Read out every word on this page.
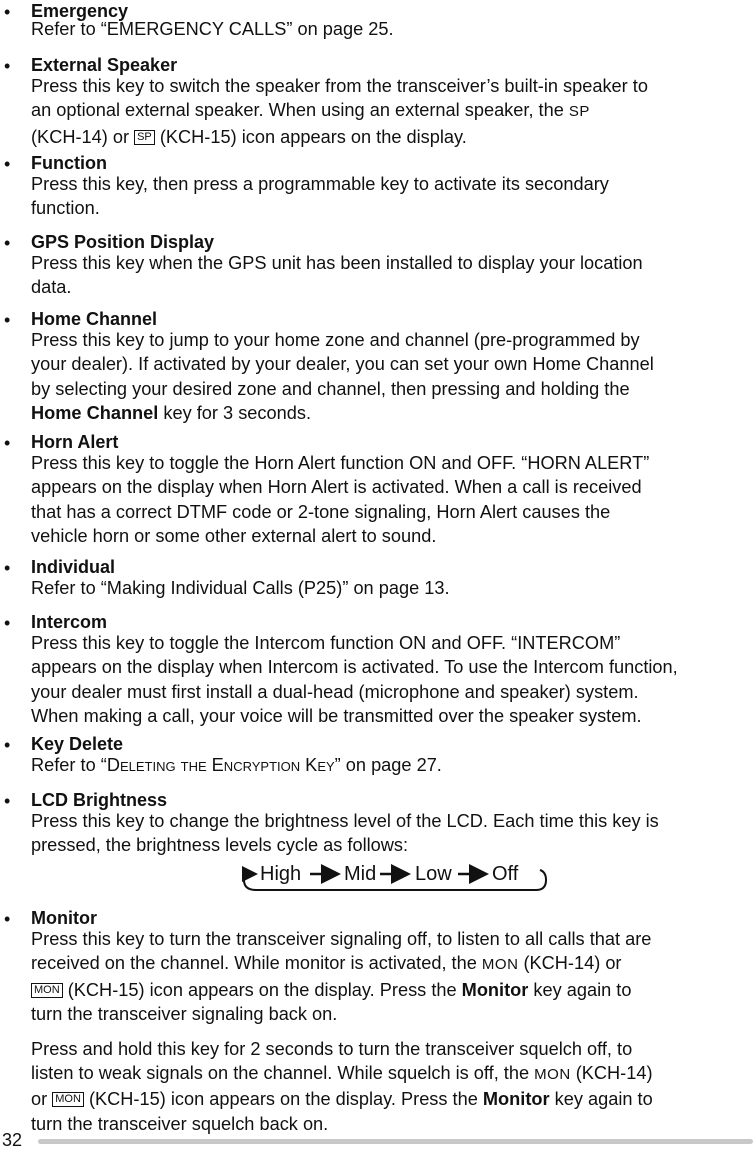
• Emergency

Refer to “EMERGENCY CALLS” on page 25.

• External Speaker

Press this key to switch the speaker from the transceiver’s built-in speaker to

an optional external speaker. When using an external speaker, the SP

(KCH-14) or SP (KCH-15) icon appears on the display.

• Function

Press this key, then press a programmable key to activate its secondary

function.

• GPS Position Display

Press this key when the GPS unit has been installed to display your location

data.

• Home Channel

Press this key to jump to your home zone and channel (pre-programmed by

your dealer). If activated by your dealer, you can set your own Home Channel

by selecting your desired zone and channel, then pressing and holding the

Home Channel key for 3 seconds.

• Horn Alert

Press this key to toggle the Horn Alert function ON and OFF. “HORN ALERT”

appears on the display when Horn Alert is activated. When a call is received

that has a correct DTMF code or 2-tone signaling, Horn Alert causes the

vehicle horn or some other external alert to sound.

• Individual

Refer to “Making Individual Calls (P25)” on page 13.

• Intercom

Press this key to toggle the Intercom function ON and OFF. “INTERCOM”

appears on the display when Intercom is activated. To use the Intercom function,

your dealer must first install a dual-head (microphone and speaker) system.

When making a call, your voice will be transmitted over the speaker system.

• Key Delete

Refer to “Deleting the Encryption Key” on page 27.

• LCD Brightness

Press this key to change the brightness level of the LCD. Each time this key is

pressed, the brightness levels cycle as follows:

High Mid Low Off
• Monitor

Press this key to turn the transceiver signaling off, to listen to all calls that are

received on the channel. While monitor is activated, the MON (KCH-14) or

MON (KCH-15) icon appears on the display. Press the Monitor key again to

turn the transceiver signaling back on.

Press and hold this key for 2 seconds to turn the transceiver squelch off, to

listen to weak signals on the channel. While squelch is off, the MON (KCH-14)

or MON (KCH-15) icon appears on the display. Press the Monitor key again to

turn the transceiver squelch back on.

32
